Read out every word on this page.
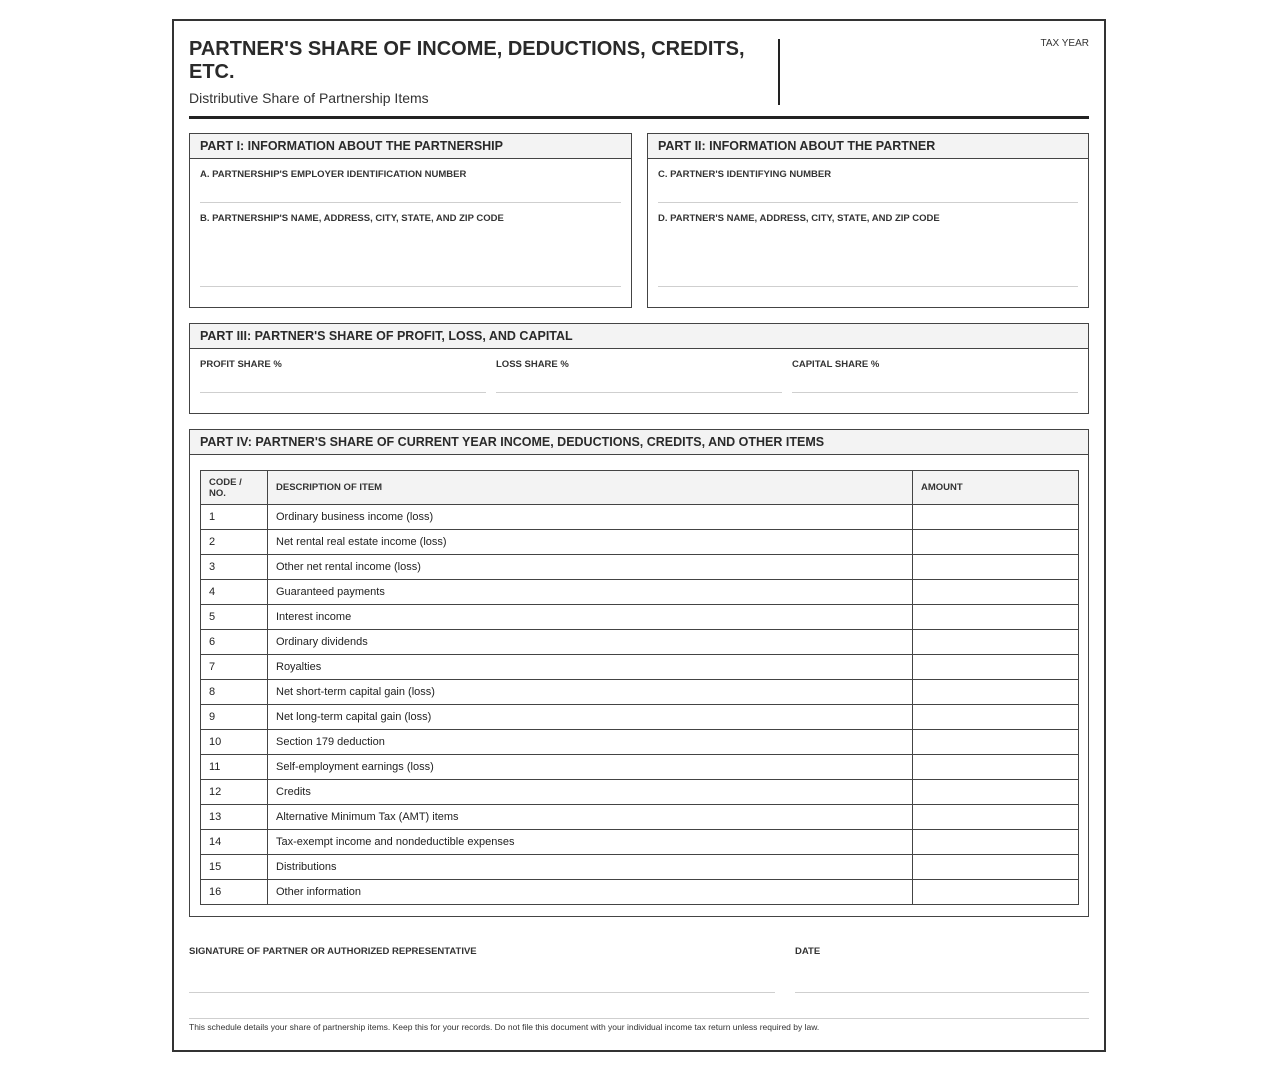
PARTNER'S SHARE OF INCOME, DEDUCTIONS, CREDITS, ETC.
Distributive Share of Partnership Items
TAX YEAR
PART I: INFORMATION ABOUT THE PARTNERSHIP
A. PARTNERSHIP'S EMPLOYER IDENTIFICATION NUMBER
B. PARTNERSHIP'S NAME, ADDRESS, CITY, STATE, AND ZIP CODE
PART II: INFORMATION ABOUT THE PARTNER
C. PARTNER'S IDENTIFYING NUMBER
D. PARTNER'S NAME, ADDRESS, CITY, STATE, AND ZIP CODE
PART III: PARTNER'S SHARE OF PROFIT, LOSS, AND CAPITAL
PROFIT SHARE %	LOSS SHARE %	CAPITAL SHARE %
PART IV: PARTNER'S SHARE OF CURRENT YEAR INCOME, DEDUCTIONS, CREDITS, AND OTHER ITEMS
CODE / NO.	DESCRIPTION OF ITEM	AMOUNT
1	Ordinary business income (loss)	
2	Net rental real estate income (loss)	
3	Other net rental income (loss)	
4	Guaranteed payments	
5	Interest income	
6	Ordinary dividends	
7	Royalties	
8	Net short-term capital gain (loss)	
9	Net long-term capital gain (loss)	
10	Section 179 deduction	
11	Self-employment earnings (loss)	
12	Credits	
13	Alternative Minimum Tax (AMT) items	
14	Tax-exempt income and nondeductible expenses	
15	Distributions	
16	Other information	
SIGNATURE OF PARTNER OR AUTHORIZED REPRESENTATIVE	DATE
This schedule details your share of partnership items. Keep this for your records. Do not file this document with your individual income tax return unless required by law.
